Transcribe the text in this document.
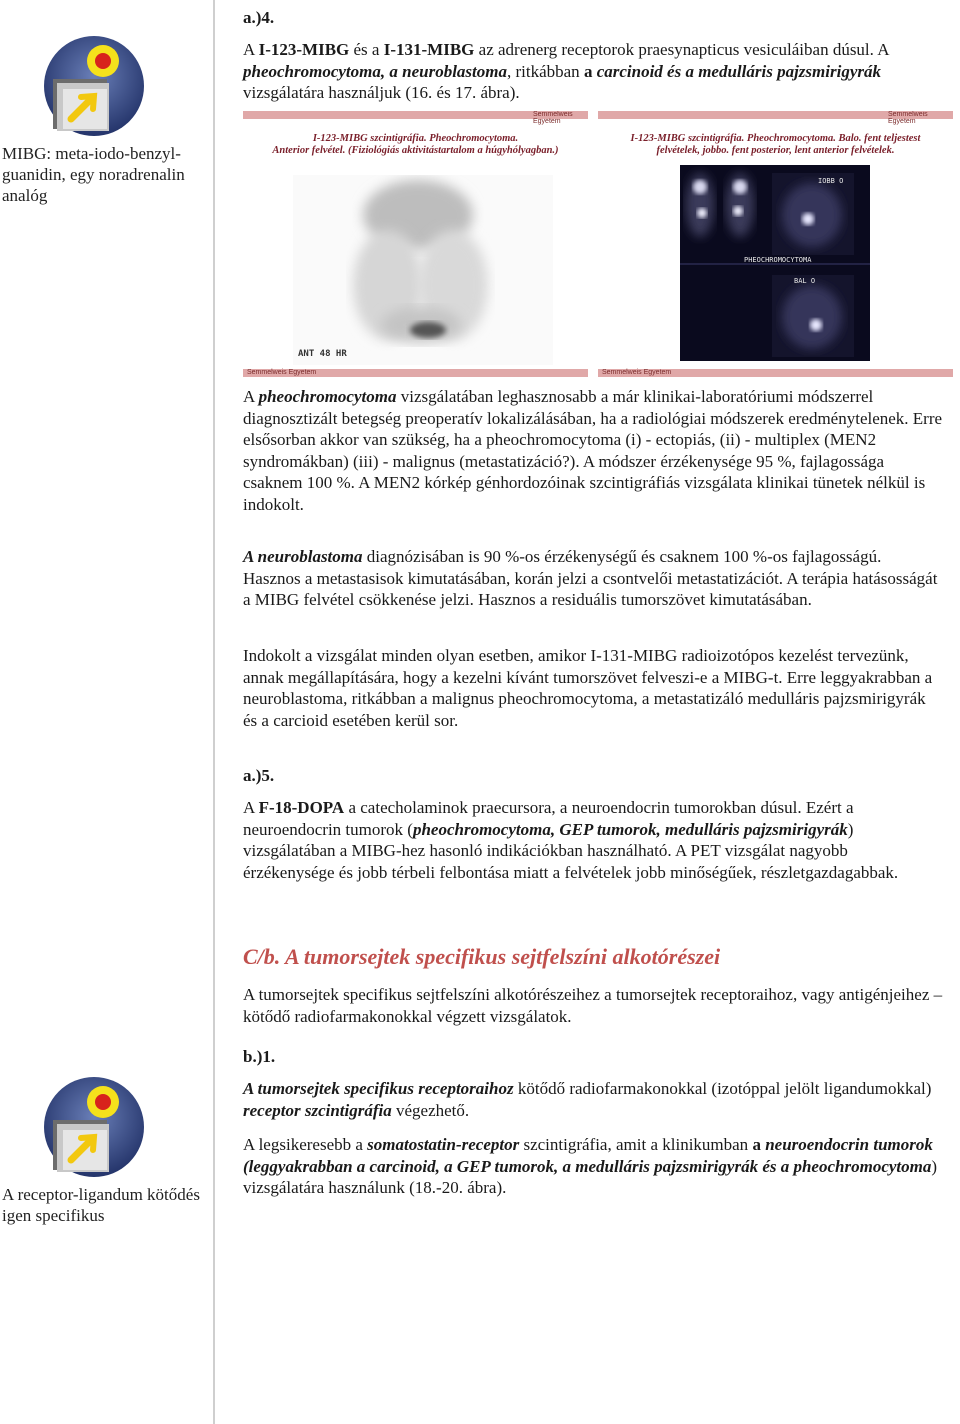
MIBG: meta-iodo-benzyl-guanidin, egy noradrenalin analóg
A receptor-ligandum kötődés igen specifikus

a.)4.

A I-123-MIBG és a I-131-MIBG az adrenerg receptorok praesynapticus vesiculáiban dúsul. A pheochromocytoma, a neuroblastoma, ritkábban a carcinoid és a medulláris pajzsmirigyrák vizsgálatára használjuk (16. és 17. ábra).

Semmelweis Egyetem
I-123-MIBG szcintigráfia. Pheochromocytoma.
Anterior felvétel. (Fiziológiás aktivitástartalom a húgyhólyagban.)
ANT 48 HR
Semmelweis Egyetem
Semmelweis Egyetem
I-123-MIBG szcintigráfia. Pheochromocytoma. Balo. fent teljestest
felvételek, jobbo. fent posterior, lent anterior felvételek.
IOBB O
PHEOCHROMOCYTOMA
BAL O
Semmelweis Egyetem

A pheochromocytoma vizsgálatában leghasznosabb a már klinikai-laboratóriumi módszerrel diagnosztizált betegség preoperatív lokalizálásában, ha a radiológiai módszerek eredménytelenek. Erre elsősorban akkor van szükség, ha a pheochromocytoma (i) - ectopiás, (ii) - multiplex (MEN2 syndromákban) (iii) - malignus (metastatizáció?). A módszer érzékenysége 95 %, fajlagossága csaknem 100 %. A MEN2 kórkép génhordozóinak szcintigráfiás vizsgálata klinikai tünetek nélkül is indokolt.

A neuroblastoma diagnózisában is 90 %-os érzékenységű és csaknem 100 %-os fajlagosságú. Hasznos a metastasisok kimutatásában, korán jelzi a csontvelői metastatizációt. A terápia hatásosságát a MIBG felvétel csökkenése jelzi. Hasznos a residuális tumorszövet kimutatásában.

Indokolt a vizsgálat minden olyan esetben, amikor I-131-MIBG radioizotópos kezelést tervezünk, annak megállapítására, hogy a kezelni kívánt tumorszövet felveszi-e a MIBG-t. Erre leggyakrabban a neuroblastoma, ritkábban a malignus pheochromocytoma, a metastatizáló medulláris pajzsmirigyrák és a carcioid esetében kerül sor.

a.)5.

A F-18-DOPA a catecholaminok praecursora, a neuroendocrin tumorokban dúsul. Ezért a neuroendocrin tumorok (pheochromocytoma, GEP tumorok, medulláris pajzsmirigyrák) vizsgálatában a MIBG-hez hasonló indikációkban használható. A PET vizsgálat nagyobb érzékenysége és jobb térbeli felbontása miatt a felvételek jobb minőségűek, részletgazdagabbak.

C/b. A tumorsejtek specifikus sejtfelszíni alkotórészei

A tumorsejtek specifikus sejtfelszíni alkotórészeihez a tumorsejtek receptoraihoz, vagy antigénjeihez – kötődő radiofarmakonokkal végzett vizsgálatok.

b.)1.

A tumorsejtek specifikus receptoraihoz kötődő radiofarmakonokkal (izotóppal jelölt ligandumokkal) receptor szcintigráfia végezhető.

A legsikeresebb a somatostatin-receptor szcintigráfia, amit a klinikumban a neuroendocrin tumorok (leggyakrabban a carcinoid, a GEP tumorok, a medulláris pajzsmirigyrák és a pheochromocytoma) vizsgálatára használunk (18.-20. ábra).
